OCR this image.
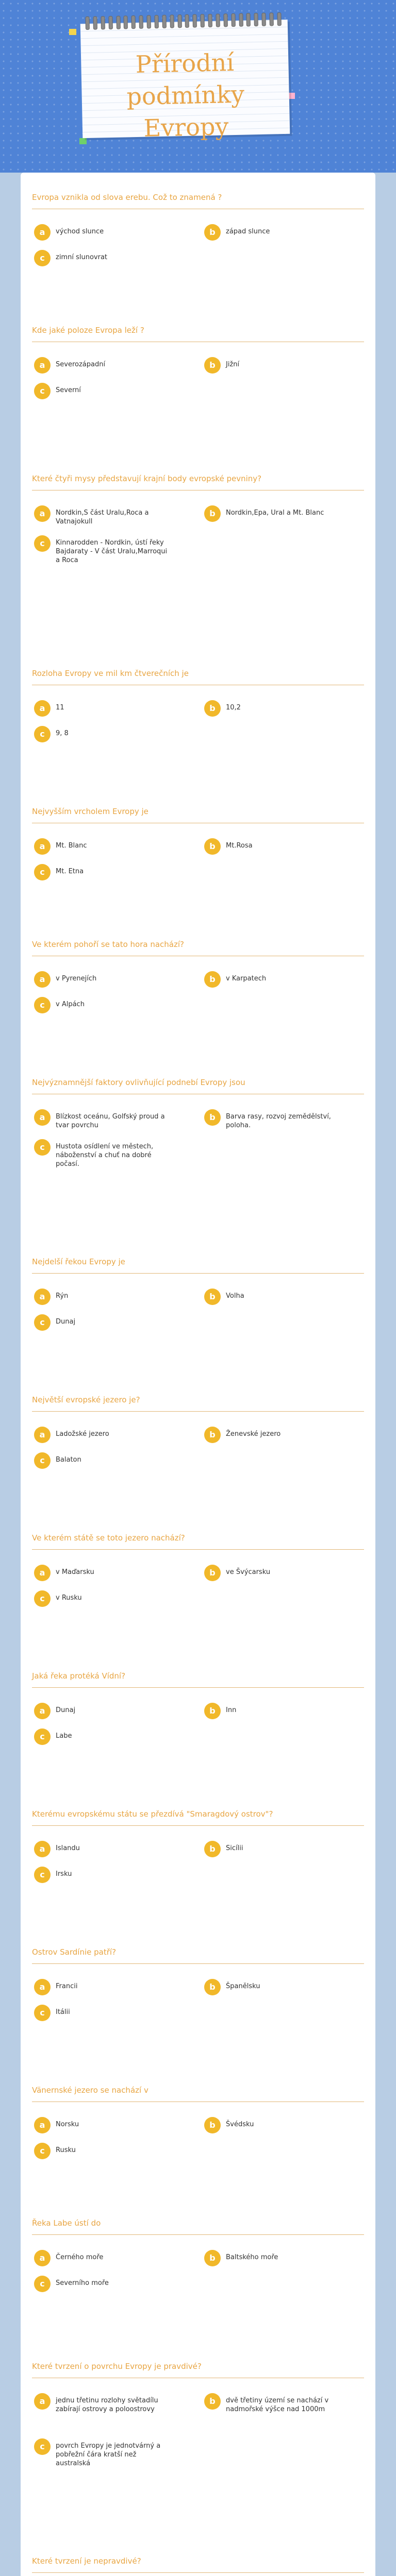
Přírodní podmínky
Evropy

Evropa vznikla od slova erebu. Což to znamená ?

a	východ slunce	b	západ slunce
c	zimní slunovrat

Kde jaké poloze Evropa leží ?

a	Severozápadní	b	Jižní
c	Severní

Které čtyři mysy představují krajní body evropské pevniny?

a	Nordkin,S část Uralu,Roca a Vatnajokull
b	Nordkin,Epa, Ural a Mt. Blanc
c	Kinnarodden - Nordkin, ústí řeky Bajdaraty - V část Uralu,Marroqui a Roca

Rozloha Evropy ve mil km čtverečních je

a	11	b	10,2
c	9, 8

Nejvyšším vrcholem Evropy je

a	Mt. Blanc	b	Mt.Rosa
c	Mt. Etna

Ve kterém pohoří se tato hora nachází?

a	v Pyrenejích	b	v Karpatech
c	v Alpách

Nejvýznamnější faktory ovlivňující podnebí Evropy jsou

a	Blízkost oceánu, Golfský proud a tvar povrchu
b	Barva rasy, rozvoj zemědělství, poloha.
c	Hustota osídlení ve městech, náboženství a chuť na dobré počasí.

Nejdelší řekou Evropy je

a	Rýn	b	Volha
c	Dunaj

Největší evropské jezero je?

a	Ladožské jezero	b	Ženevské jezero
c	Balaton

Ve kterém státě se toto jezero nachází?

a	v Maďarsku	b	ve Švýcarsku
c	v Rusku

Jaká řeka protéká Vídní?

a	Dunaj	b	Inn
c	Labe

Kterému evropskému státu se přezdívá "Smaragdový ostrov"?

a	Islandu	b	Sicílii
c	Irsku

Ostrov Sardínie patří?

a	Francii	b	Španělsku
c	Itálii

Vänernské jezero se nachází v

a	Norsku	b	Švédsku
c	Rusku

Řeka Labe ústí do

a	Černého moře	b	Baltského moře
c	Severního moře

Které tvrzení o povrchu Evropy je pravdivé?

a	jednu třetinu rozlohy světadílu zabírají ostrovy a poloostrovy
b	dvě třetiny území se nachází v nadmořské výšce nad 1000m
c	povrch Evropy je jednotvárný a pobřežní čára kratší než australská

Které tvrzení je nepravdivé?
